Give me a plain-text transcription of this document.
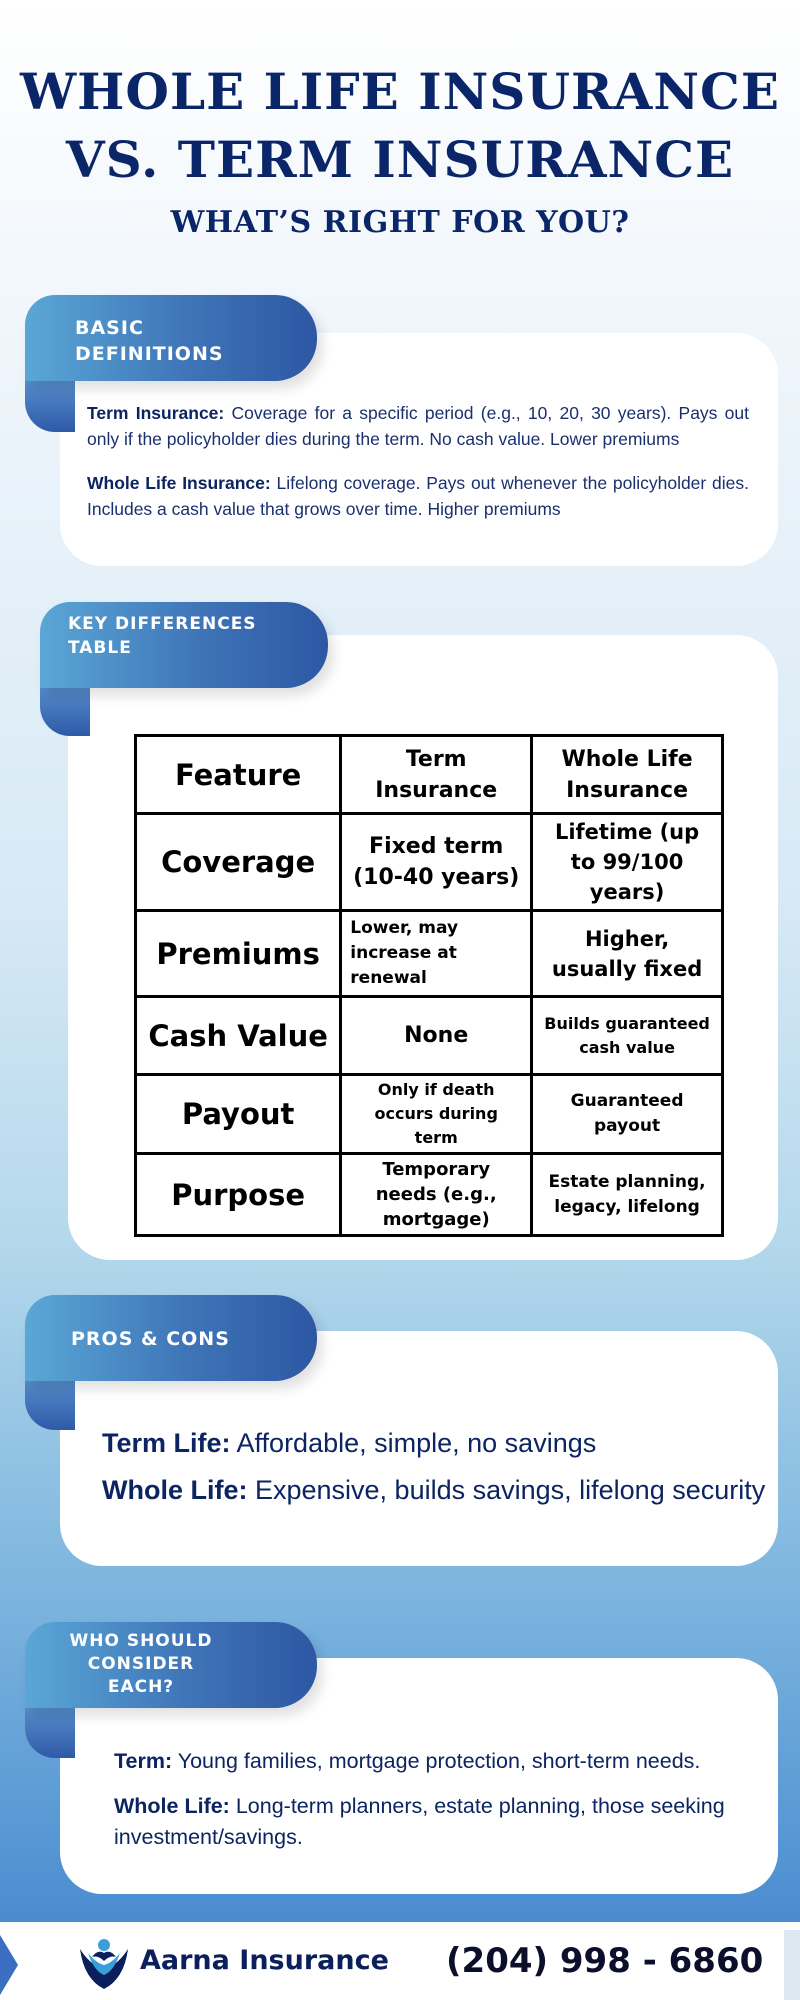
WHOLE LIFE INSURANCE
VS. TERM INSURANCE
WHAT’S RIGHT FOR YOU?
BASIC
DEFINITIONS
Term Insurance: Coverage for a specific period (e.g., 10, 20, 30 years). Pays out only if the policyholder dies during the term. No cash value. Lower premiums
Whole Life Insurance: Lifelong coverage. Pays out whenever the policyholder dies. Includes a cash value that grows over time. Higher premiums
KEY DIFFERENCES
TABLE
Feature	Term Insurance	Whole Life Insurance
Coverage	Fixed term (10-40 years)	Lifetime (up to 99/100 years)
Premiums	Lower, may increase at renewal	Higher, usually fixed
Cash Value	None	Builds guaranteed cash value
Payout	Only if death occurs during term	Guaranteed payout
Purpose	Temporary needs (e.g., mortgage)	Estate planning, legacy, lifelong
PROS & CONS
Term Life: Affordable, simple, no savings
Whole Life: Expensive, builds savings, lifelong security
WHO SHOULD
CONSIDER
EACH?
Term: Young families, mortgage protection, short-term needs.
Whole Life: Long-term planners, estate planning, those seeking investment/savings.
Aarna Insurance (204) 998 - 6860
